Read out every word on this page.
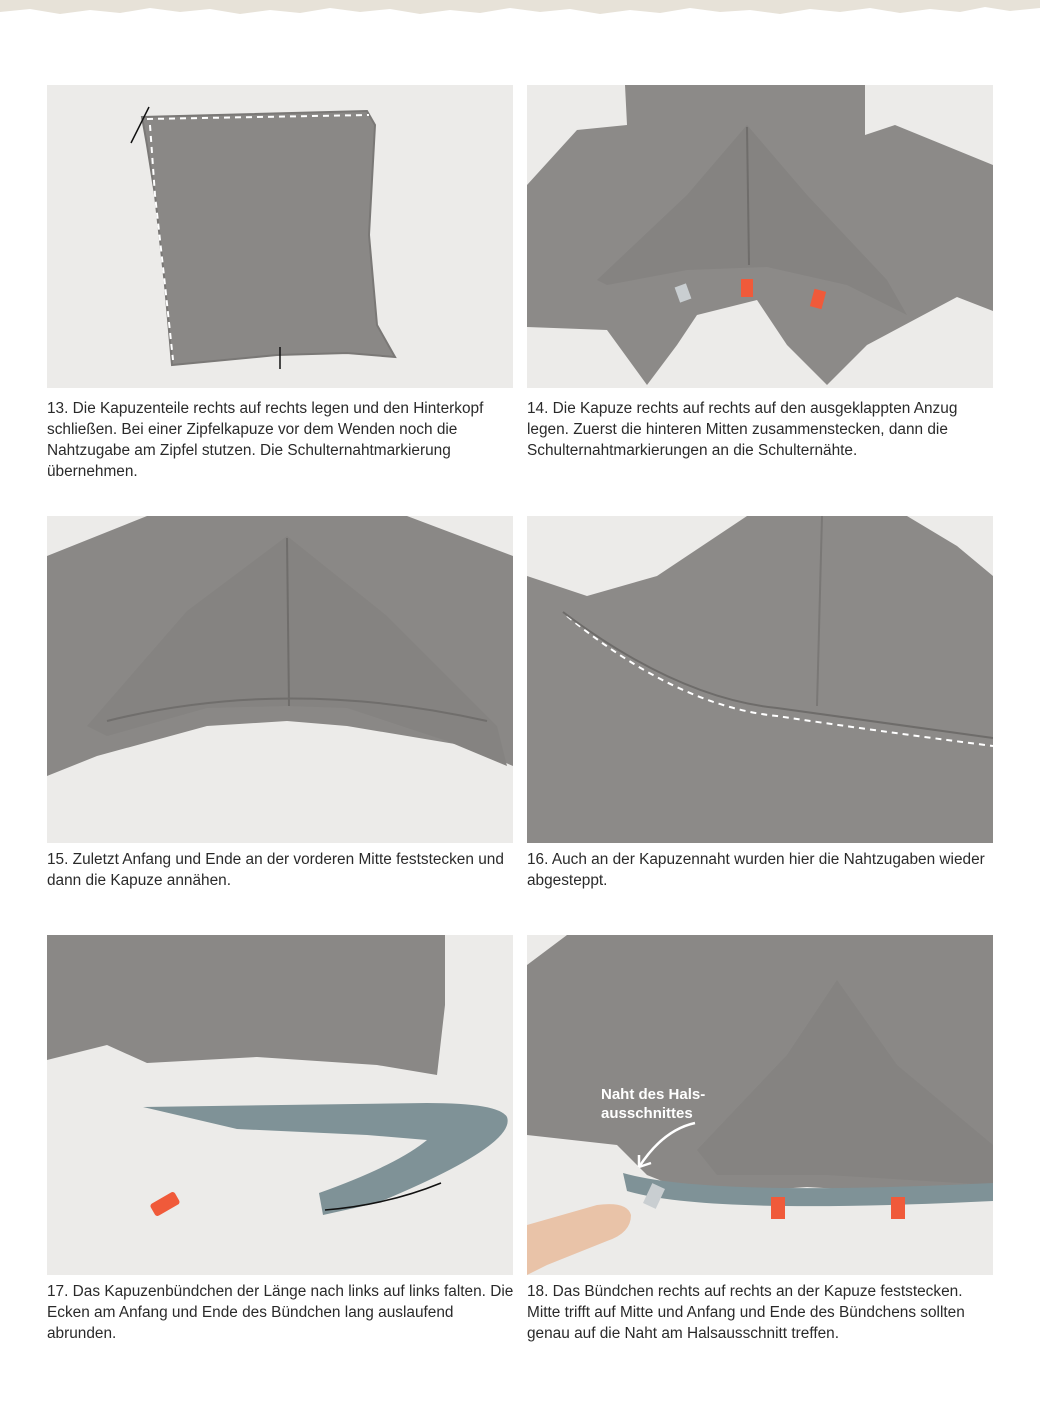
13. Die Kapuzenteile rechts auf rechts legen und den Hinterkopf schließen. Bei einer Zipfelkapuze vor dem Wenden noch die Nahtzugabe am Zipfel stutzen. Die Schulternahtmarkierung übernehmen.

14. Die Kapuze rechts auf rechts auf den ausgeklappten Anzug legen. Zuerst die hinteren Mitten zusammenstecken, dann die Schulternahtmarkierungen an die Schulternähte.

15. Zuletzt Anfang und Ende an der vorderen Mitte feststecken und dann die Kapuze annähen.

16. Auch an der Kapuzennaht wurden hier die Nahtzugaben wieder abgesteppt.

17. Das Kapuzenbündchen der Länge nach links auf links falten. Die Ecken am Anfang und Ende des Bündchen lang auslaufend abrunden.

Naht des Hals-
ausschnittes

18. Das Bündchen rechts auf rechts an der Kapuze feststecken. Mitte trifft auf Mitte und Anfang und Ende des Bündchens sollten genau auf die Naht am Halsausschnitt treffen.
